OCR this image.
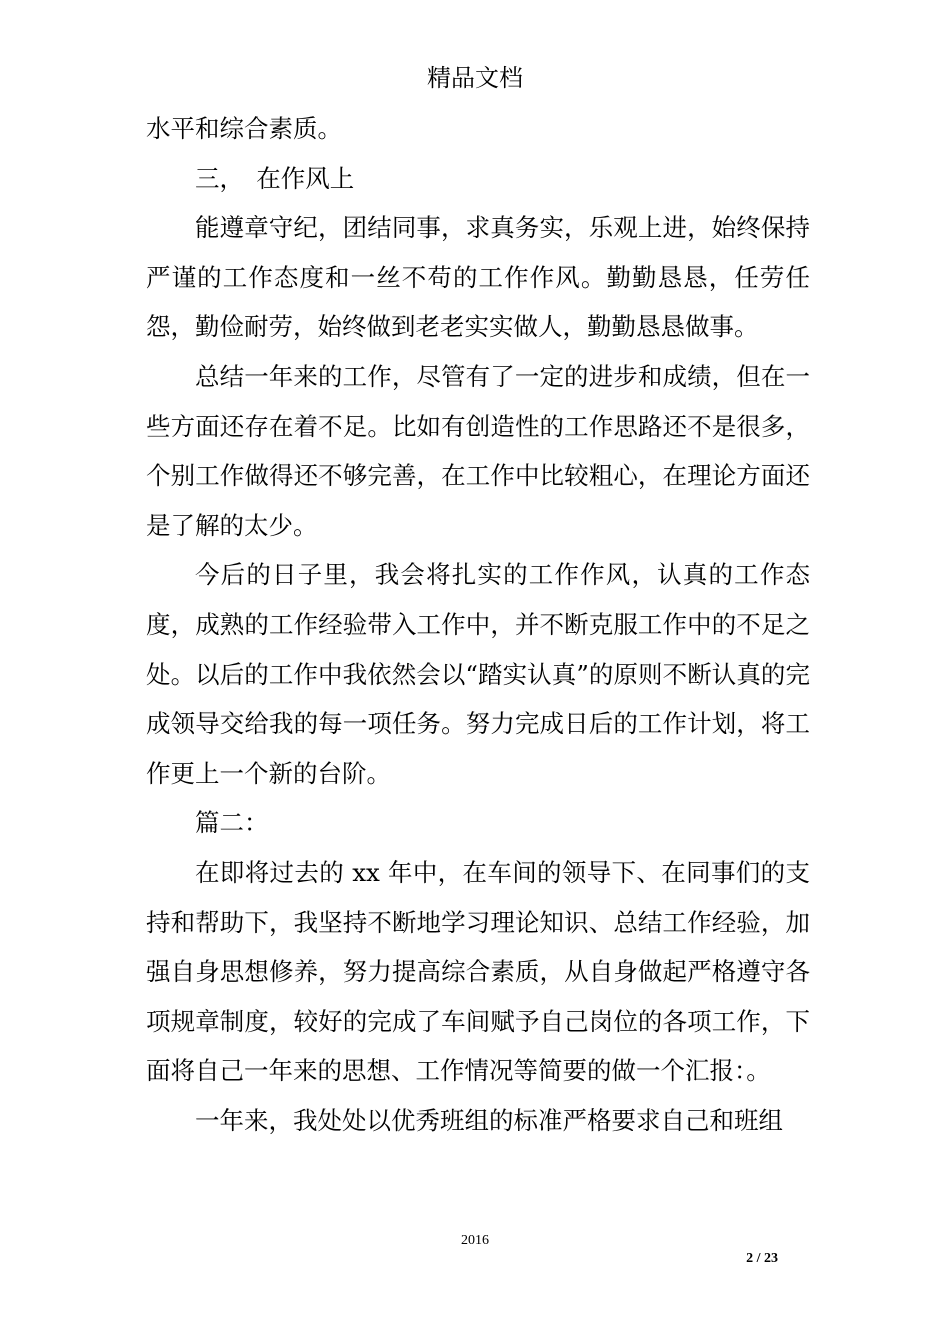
精品文档

水平和综合素质。

三，　在作风上

能遵章守纪，团结同事，求真务实，乐观上进，始终保持严谨的工作态度和一丝不苟的工作作风。勤勤恳恳，任劳任怨，勤俭耐劳，始终做到老老实实做人，勤勤恳恳做事。

总结一年来的工作，尽管有了一定的进步和成绩，但在一些方面还存在着不足。比如有创造性的工作思路还不是很多，个别工作做得还不够完善，在工作中比较粗心，在理论方面还是了解的太少。

今后的日子里，我会将扎实的工作作风，认真的工作态度，成熟的工作经验带入工作中，并不断克服工作中的不足之处。以后的工作中我依然会以“踏实认真”的原则不断认真的完成领导交给我的每一项任务。努力完成日后的工作计划，将工作更上一个新的台阶。

篇二：

在即将过去的 xx 年中，在车间的领导下、在同事们的支持和帮助下，我坚持不断地学习理论知识、总结工作经验，加强自身思想修养，努力提高综合素质，从自身做起严格遵守各项规章制度，较好的完成了车间赋予自己岗位的各项工作，下面将自己一年来的思想、工作情况等简要的做一个汇报：。

一年来，我处处以优秀班组的标准严格要求自己和班组

2016
2 / 23
